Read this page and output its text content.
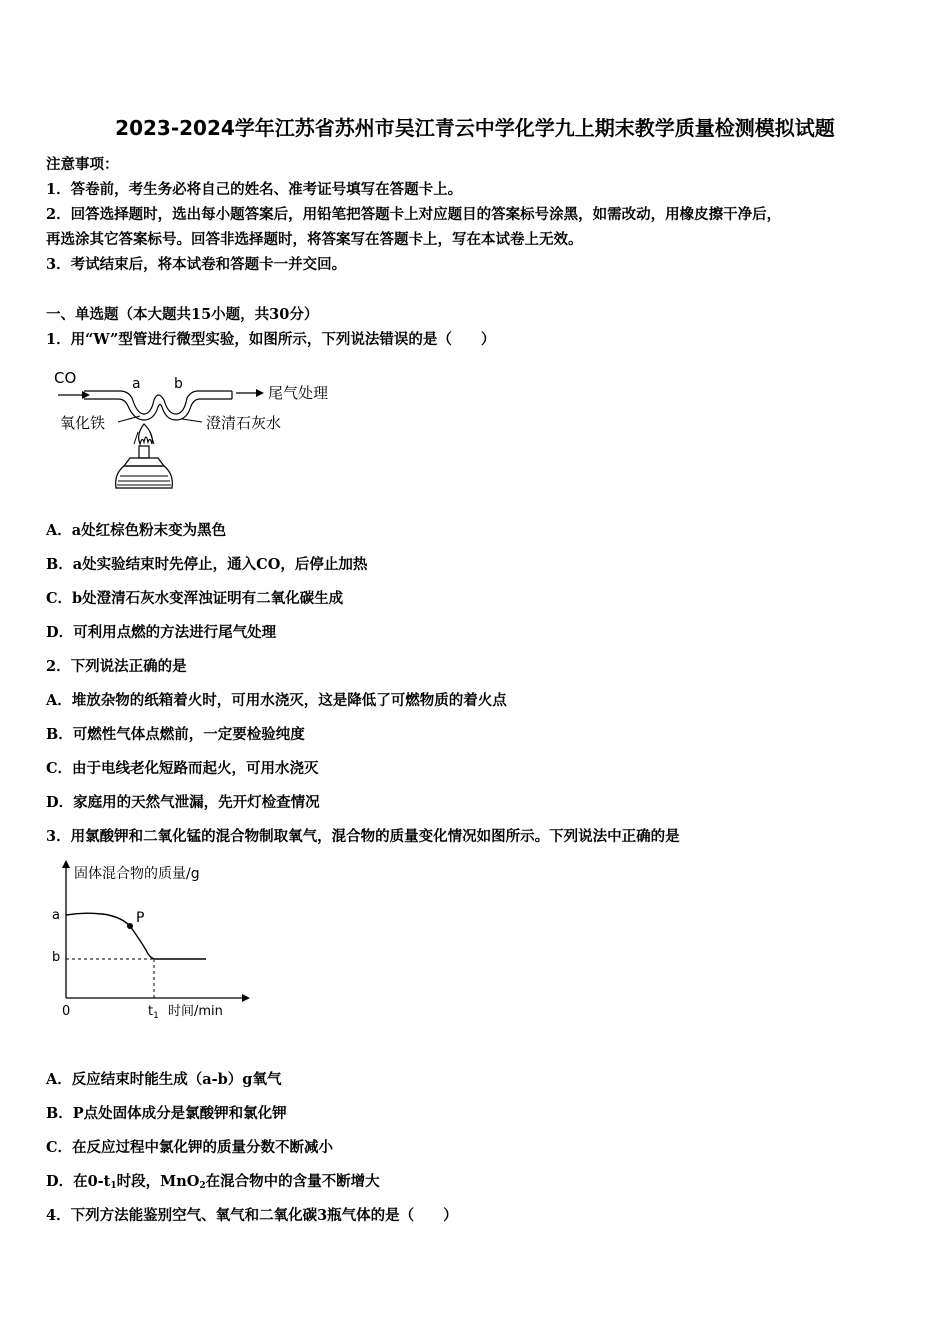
2023-2024学年江苏省苏州市吴江青云中学化学九上期末教学质量检测模拟试题
注意事项：
1．答卷前，考生务必将自己的姓名、准考证号填写在答题卡上。
2．回答选择题时，选出每小题答案后，用铅笔把答题卡上对应题目的答案标号涂黑，如需改动，用橡皮擦干净后，
再选涂其它答案标号。回答非选择题时，将答案写在答题卡上，写在本试卷上无效。
3．考试结束后，将本试卷和答题卡一并交回。
一、单选题（本大题共15小题，共30分）
1．用“W”型管进行微型实验，如图所示，下列说法错误的是（　　）
CO	a b	尾气处理
氧化铁	澄清石灰水
A．a处红棕色粉末变为黑色
B．a处实验结束时先停止，通入CO，后停止加热
C．b处澄清石灰水变浑浊证明有二氧化碳生成
D．可利用点燃的方法进行尾气处理
2．下列说法正确的是
A．堆放杂物的纸箱着火时，可用水浇灭，这是降低了可燃物质的着火点
B．可燃性气体点燃前，一定要检验纯度
C．由于电线老化短路而起火，可用水浇灭
D．家庭用的天然气泄漏，先开灯检查情况
3．用氯酸钾和二氧化锰的混合物制取氧气，混合物的质量变化情况如图所示。下列说法中正确的是
固体混合物的质量/g
a
b
0	$t_1$ 时间/min
P
A．反应结束时能生成（a-b）g氧气
B．P点处固体成分是氯酸钾和氯化钾
C．在反应过程中氯化钾的质量分数不断减小
D．在$0-t_1$时段，MnO$_2$在混合物中的含量不断增大
4．下列方法能鉴别空气、氧气和二氧化碳3瓶气体的是（　　）
